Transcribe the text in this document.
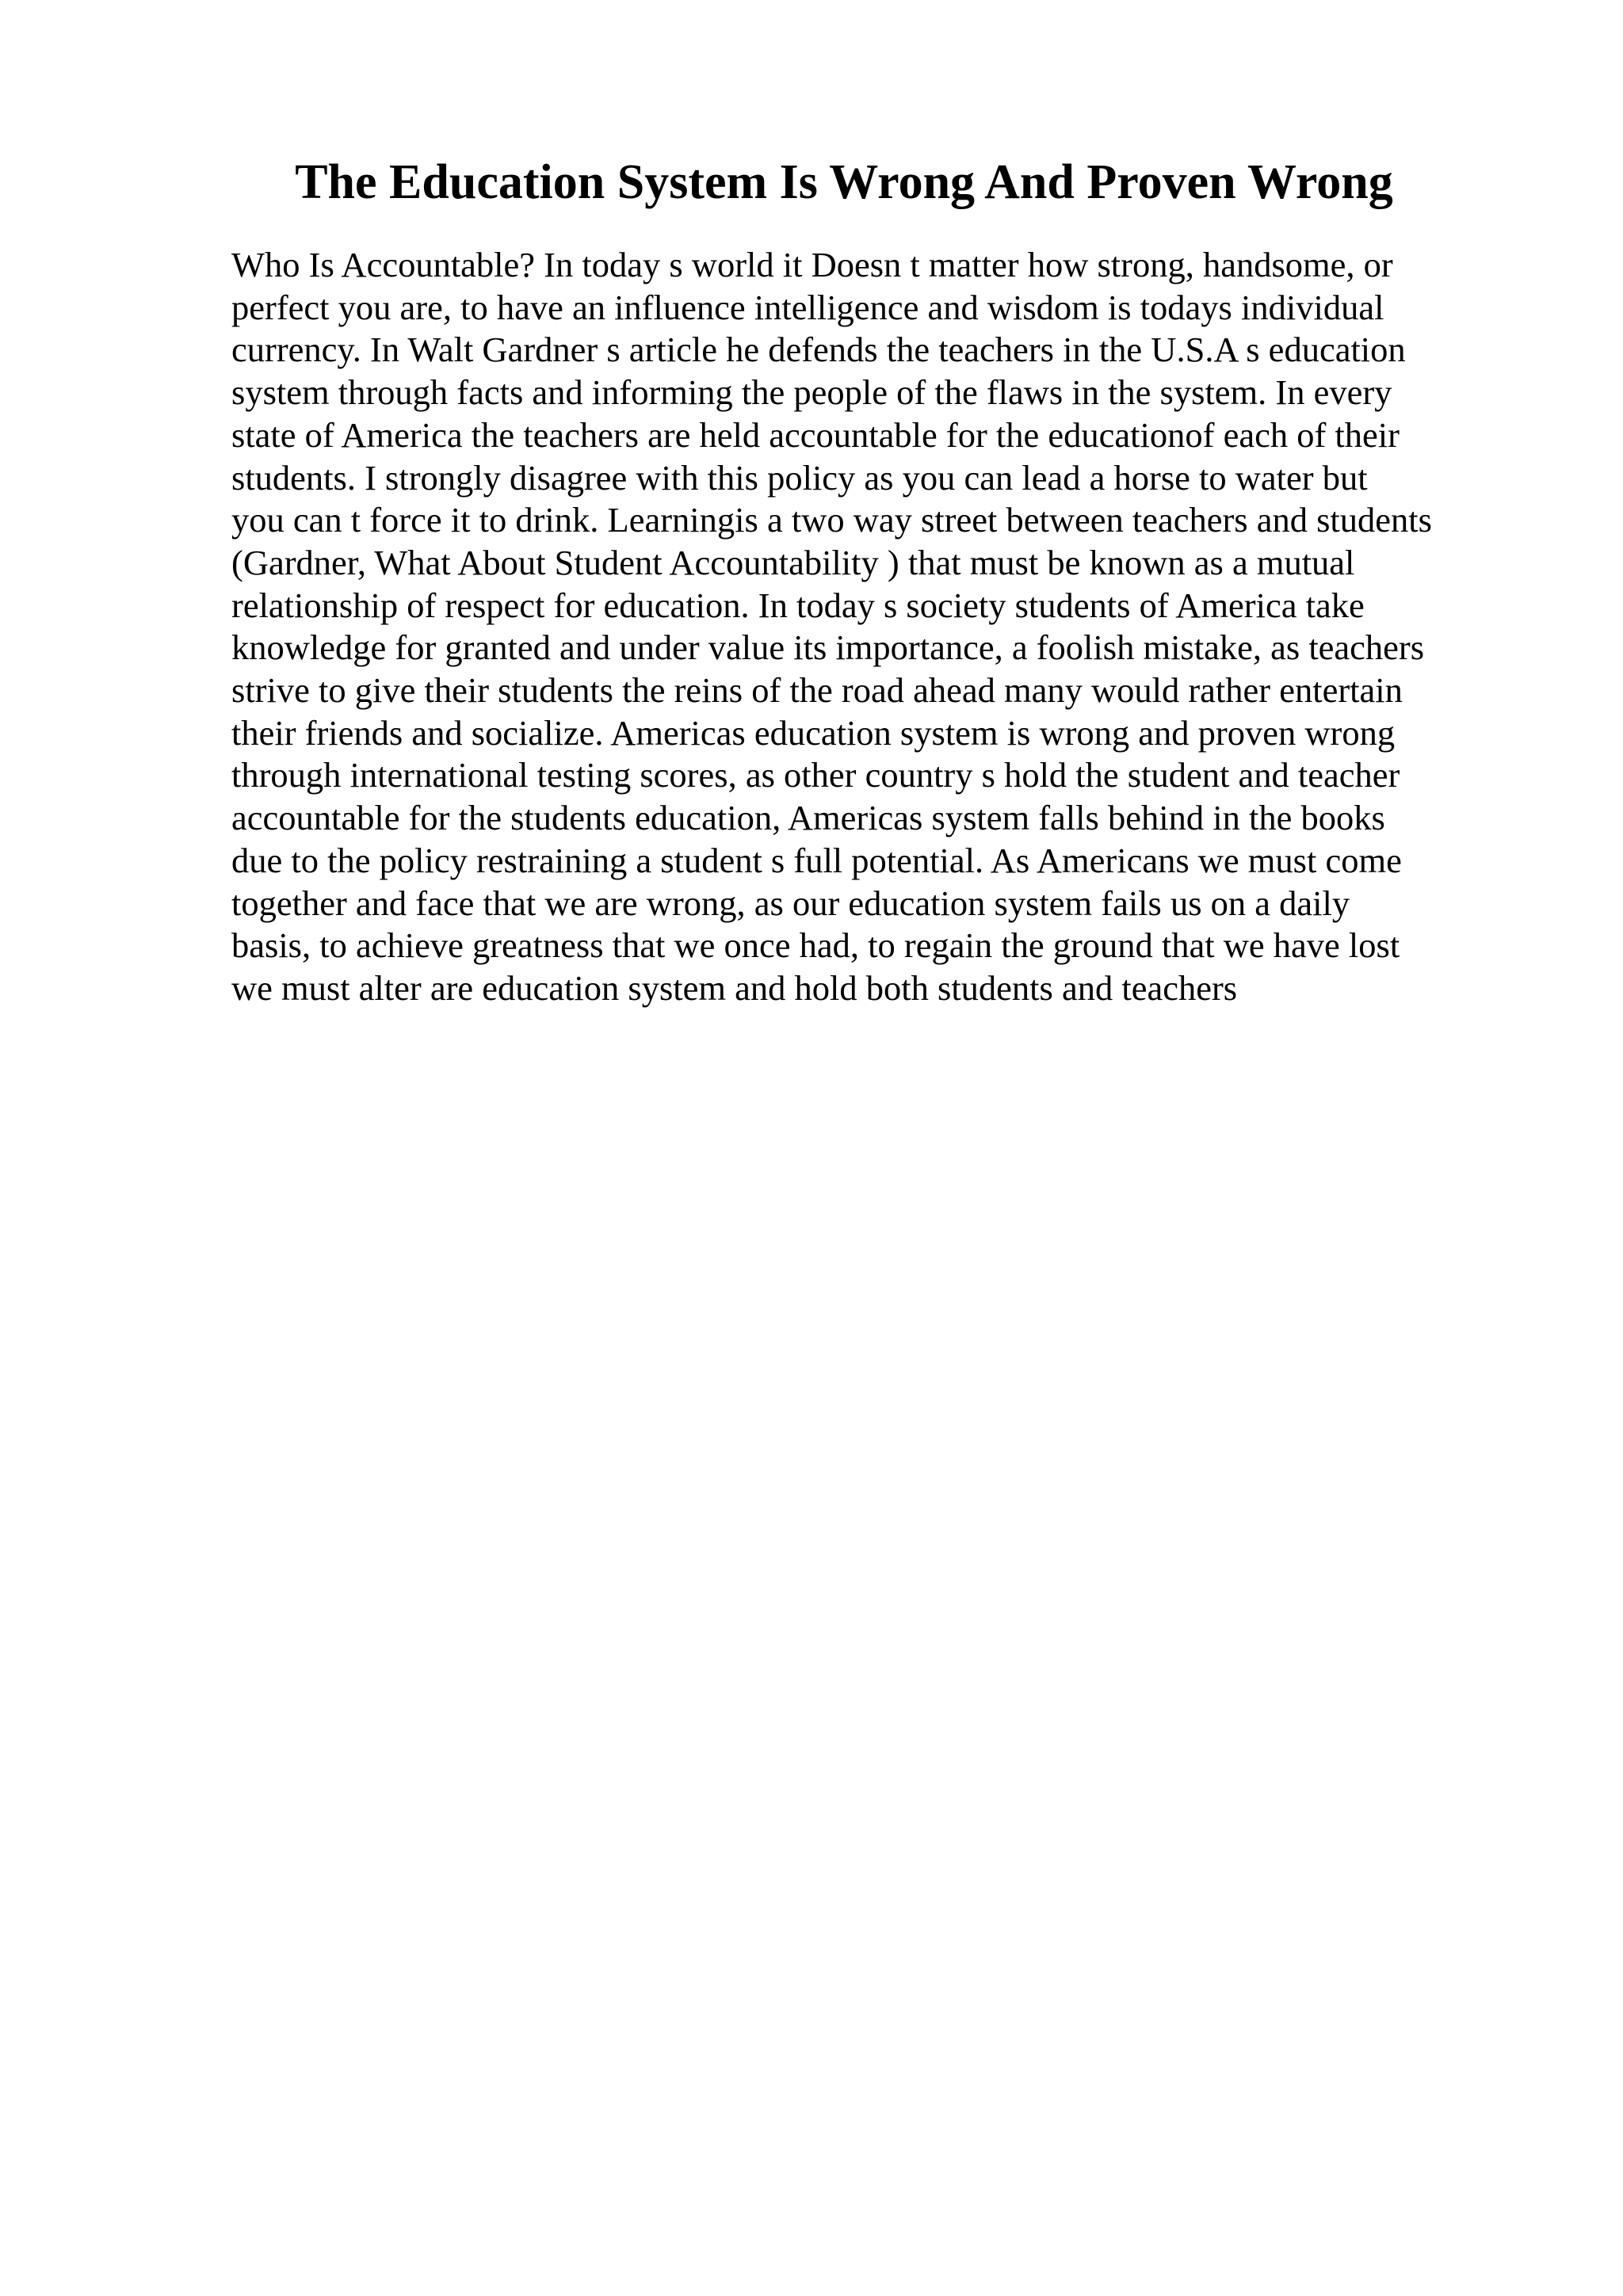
The Education System Is Wrong And Proven Wrong
Who Is Accountable? In today s world it Doesn t matter how strong, handsome, or
perfect you are, to have an influence intelligence and wisdom is todays individual
currency. In Walt Gardner s article he defends the teachers in the U.S.A s education
system through facts and informing the people of the flaws in the system. In every
state of America the teachers are held accountable for the educationof each of their
students. I strongly disagree with this policy as you can lead a horse to water but
you can t force it to drink. Learningis a two way street between teachers and students
(Gardner, What About Student Accountability ) that must be known as a mutual
relationship of respect for education. In today s society students of America take
knowledge for granted and under value its importance, a foolish mistake, as teachers
strive to give their students the reins of the road ahead many would rather entertain
their friends and socialize. Americas education system is wrong and proven wrong
through international testing scores, as other country s hold the student and teacher
accountable for the students education, Americas system falls behind in the books
due to the policy restraining a student s full potential. As Americans we must come
together and face that we are wrong, as our education system fails us on a daily
basis, to achieve greatness that we once had, to regain the ground that we have lost
we must alter are education system and hold both students and teachers
